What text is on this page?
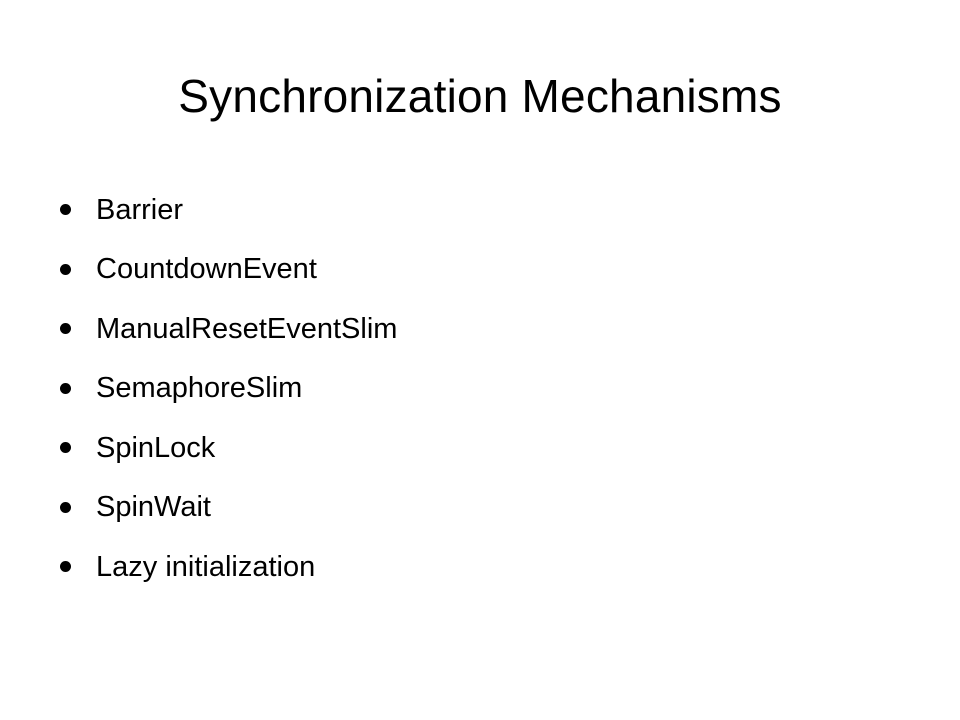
Synchronization Mechanisms
Barrier
CountdownEvent
ManualResetEventSlim
SemaphoreSlim
SpinLock
SpinWait
Lazy initialization
